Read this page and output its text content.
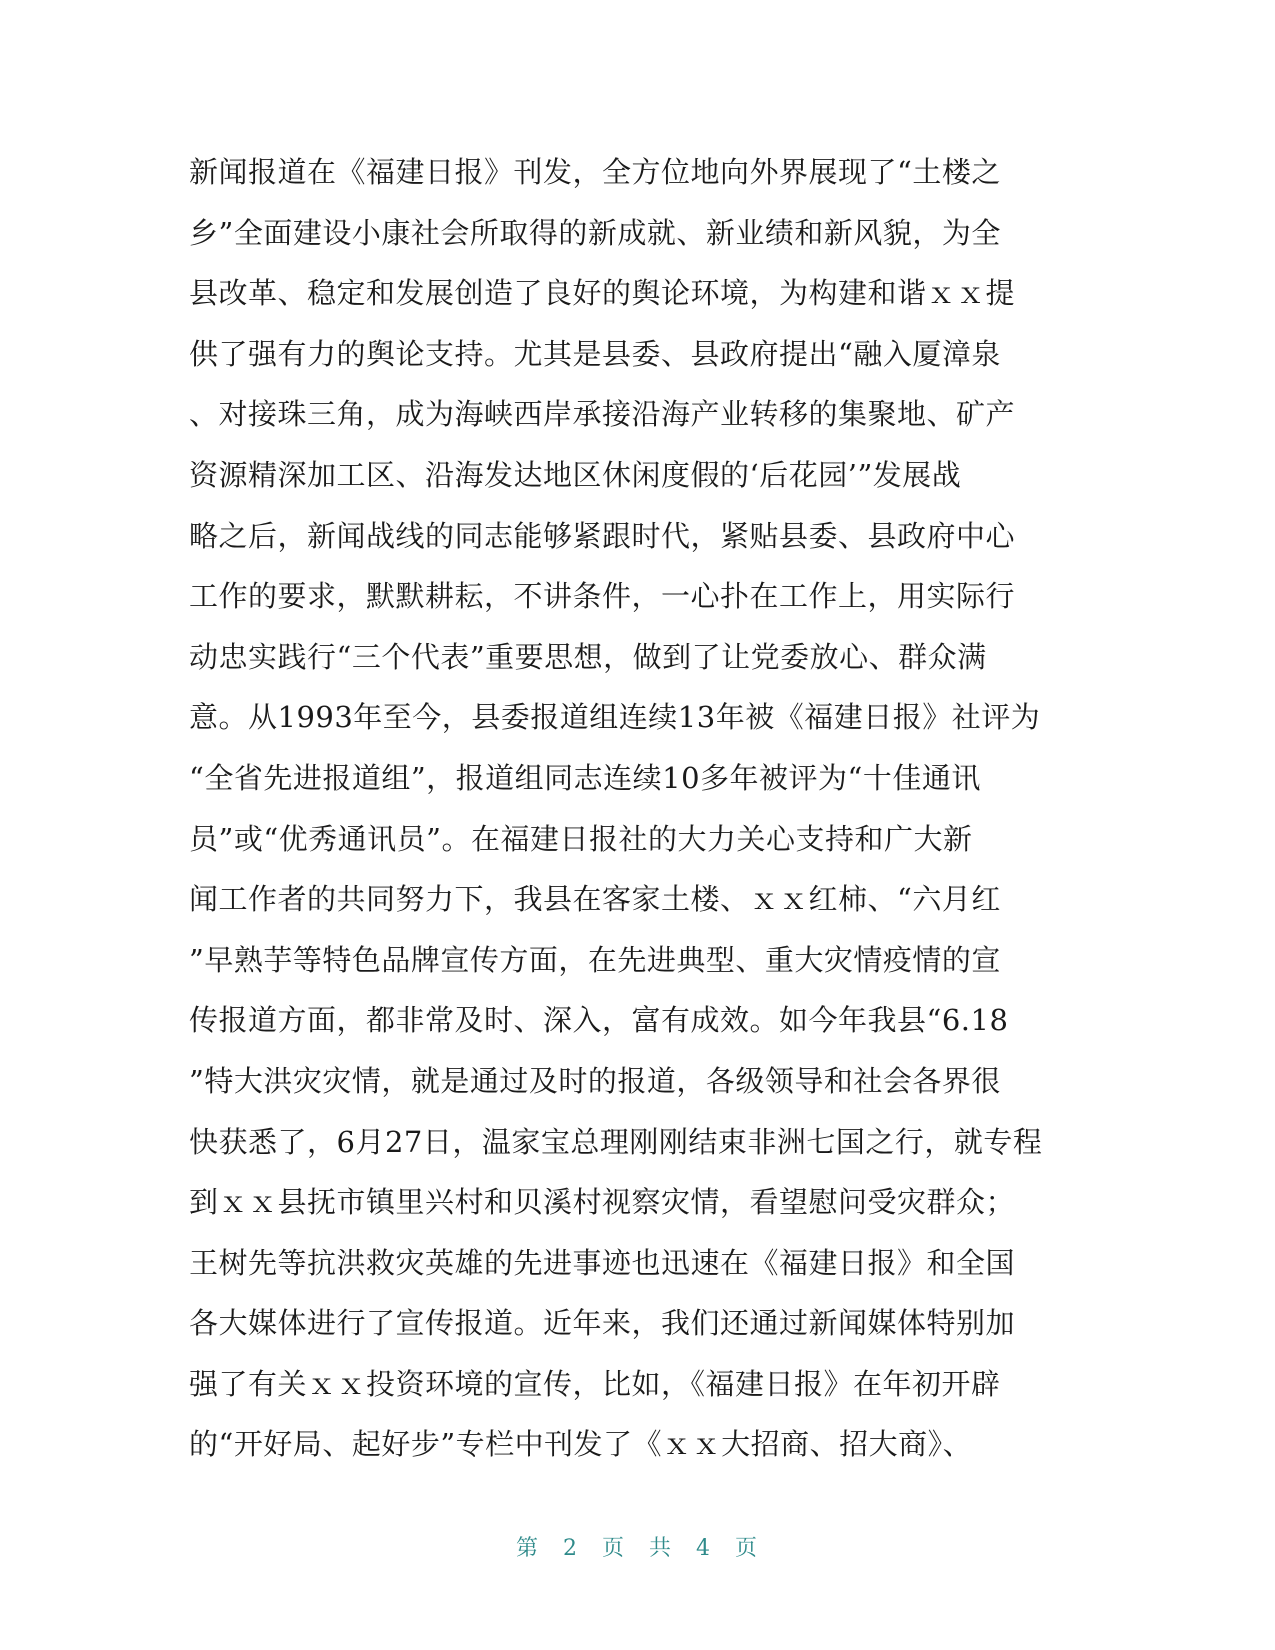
新闻报道在《福建日报》刊发，全方位地向外界展现了“土楼之
乡”全面建设小康社会所取得的新成就、新业绩和新风貌，为全
县改革、稳定和发展创造了良好的舆论环境，为构建和谐ｘｘ提
供了强有力的舆论支持。尤其是县委、县政府提出“融入厦漳泉
、对接珠三角，成为海峡西岸承接沿海产业转移的集聚地、矿产
资源精深加工区、沿海发达地区休闲度假的‘后花园’”发展战
略之后，新闻战线的同志能够紧跟时代，紧贴县委、县政府中心
工作的要求，默默耕耘，不讲条件，一心扑在工作上，用实际行
动忠实践行“三个代表”重要思想，做到了让党委放心、群众满
意。从1993年至今，县委报道组连续13年被《福建日报》社评为
“全省先进报道组”，报道组同志连续10多年被评为“十佳通讯
员”或“优秀通讯员”。在福建日报社的大力关心支持和广大新
闻工作者的共同努力下，我县在客家土楼、ｘｘ红柿、“六月红
”早熟芋等特色品牌宣传方面，在先进典型、重大灾情疫情的宣
传报道方面，都非常及时、深入，富有成效。如今年我县“6.18
”特大洪灾灾情，就是通过及时的报道，各级领导和社会各界很
快获悉了，6月27日，温家宝总理刚刚结束非洲七国之行，就专程
到ｘｘ县抚市镇里兴村和贝溪村视察灾情，看望慰问受灾群众；
王树先等抗洪救灾英雄的先进事迹也迅速在《福建日报》和全国
各大媒体进行了宣传报道。近年来，我们还通过新闻媒体特别加
强了有关ｘｘ投资环境的宣传，比如，《福建日报》在年初开辟
的“开好局、起好步”专栏中刊发了《ｘｘ大招商、招大商》、
第 2 页 共 4 页
